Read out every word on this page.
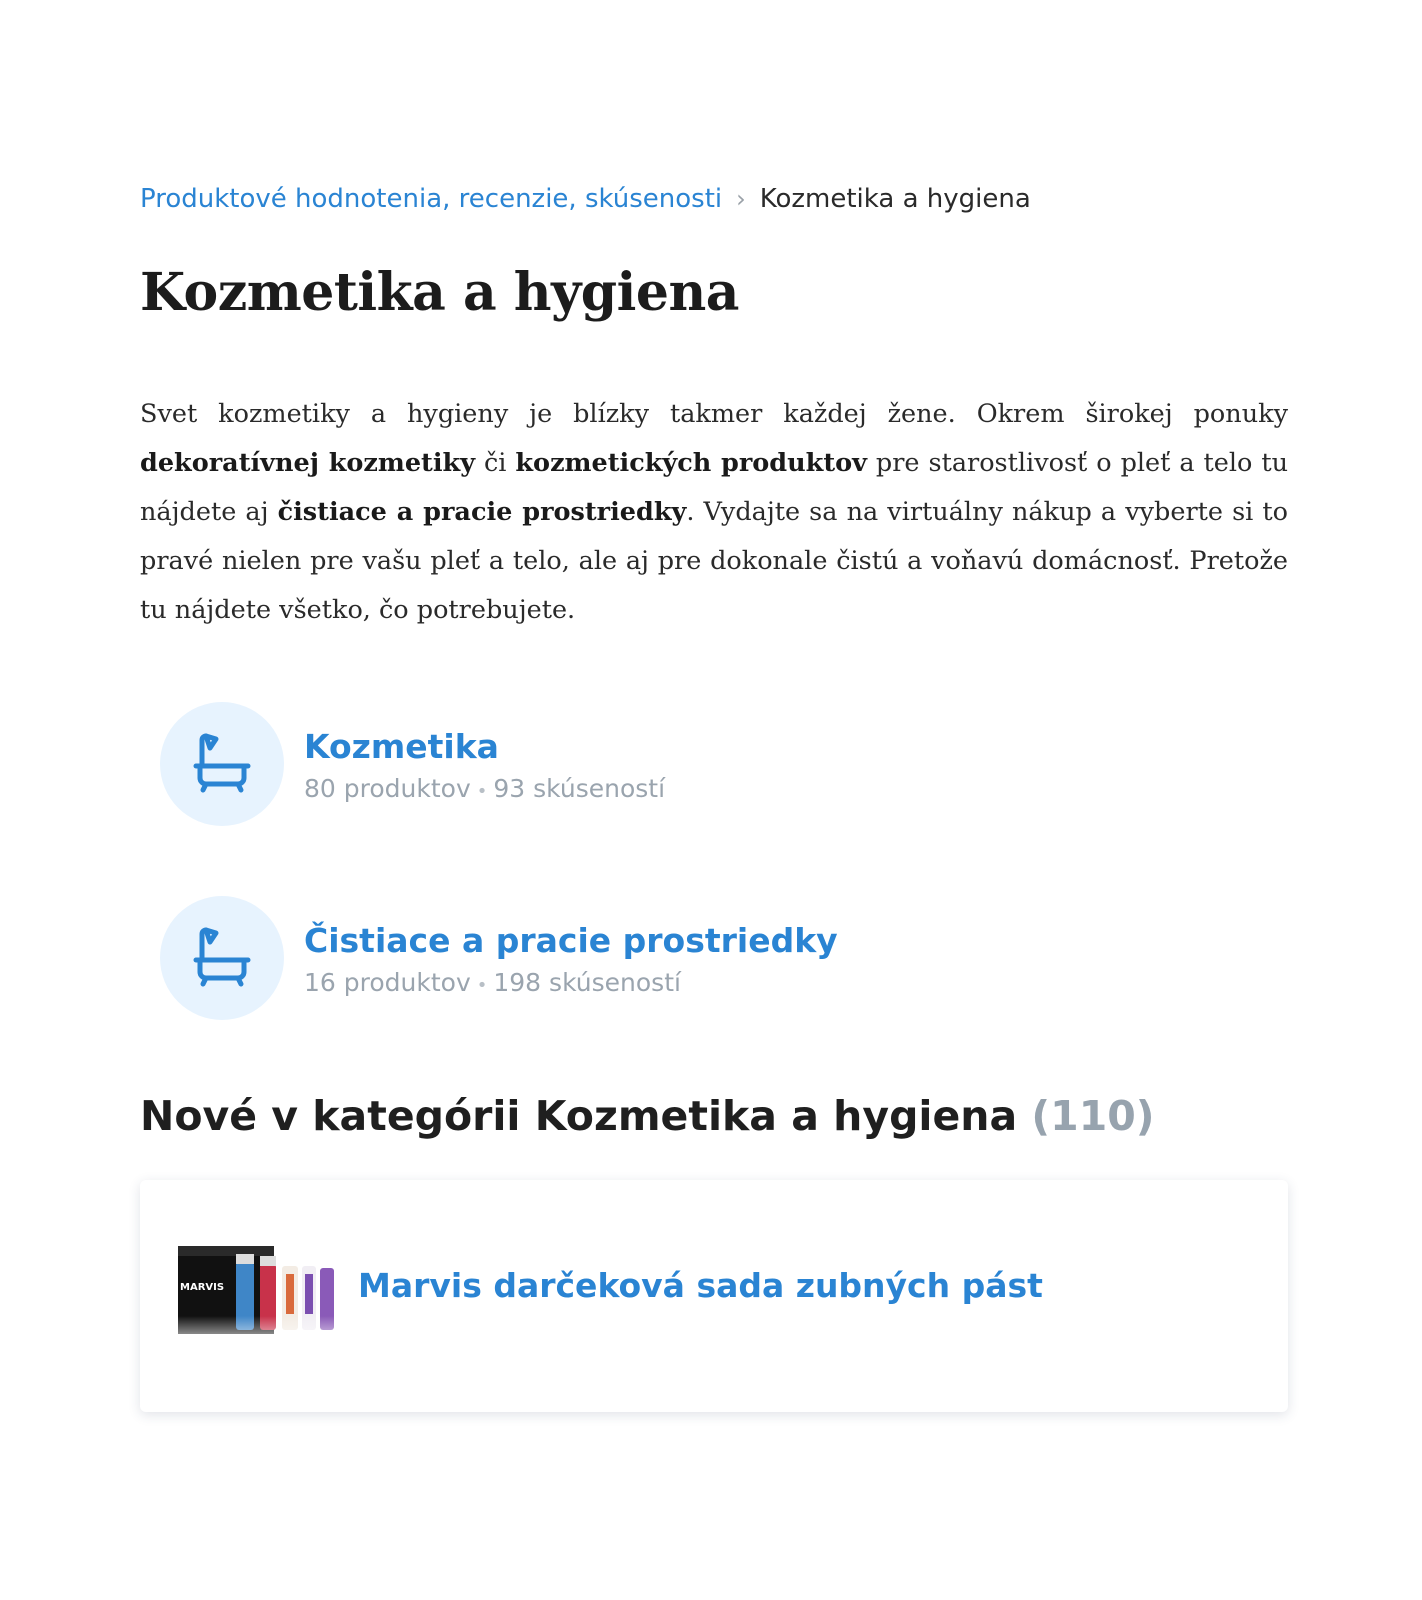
Produktové hodnotenia, recenzie, skúsenosti › Kozmetika a hygiena
Kozmetika a hygiena

Svet kozmetiky a hygieny je blízky takmer každej žene. Okrem širokej ponuky dekoratívnej kozmetiky či kozmetických produktov pre starostlivosť o pleť a telo tu nájdete aj čistiace a pracie prostriedky. Vydajte sa na virtuálny nákup a vyberte si to pravé nielen pre vašu pleť a telo, ale aj pre dokonale čistú a voňavú domácnosť. Pretože tu nájdete všetko, čo potrebujete.

Kozmetika
80 produktov • 93 skúseností
Čistiace a pracie prostriedky
16 produktov • 198 skúseností
Nové v kategórii Kozmetika a hygiena (110)
MARVIS	Marvis darčeková sada zubných pást
